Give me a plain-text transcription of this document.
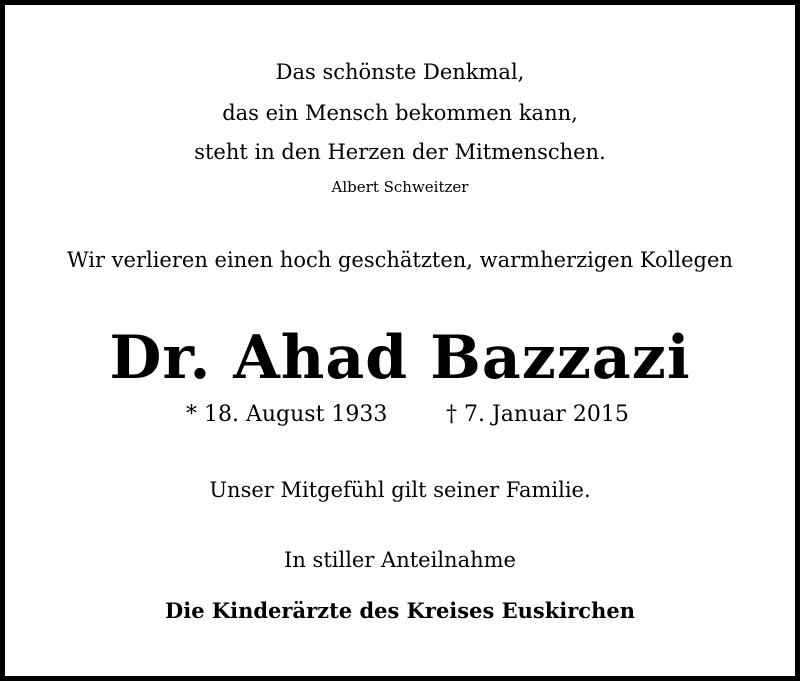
Das schönste Denkmal,
das ein Mensch bekommen kann,
steht in den Herzen der Mitmenschen.
Albert Schweitzer
Wir verlieren einen hoch geschätzten, warmherzigen Kollegen
Dr. Ahad Bazzazi
* 18. August 1933	† 7. Januar 2015
Unser Mitgefühl gilt seiner Familie.
In stiller Anteilnahme
Die Kinderärzte des Kreises Euskirchen
